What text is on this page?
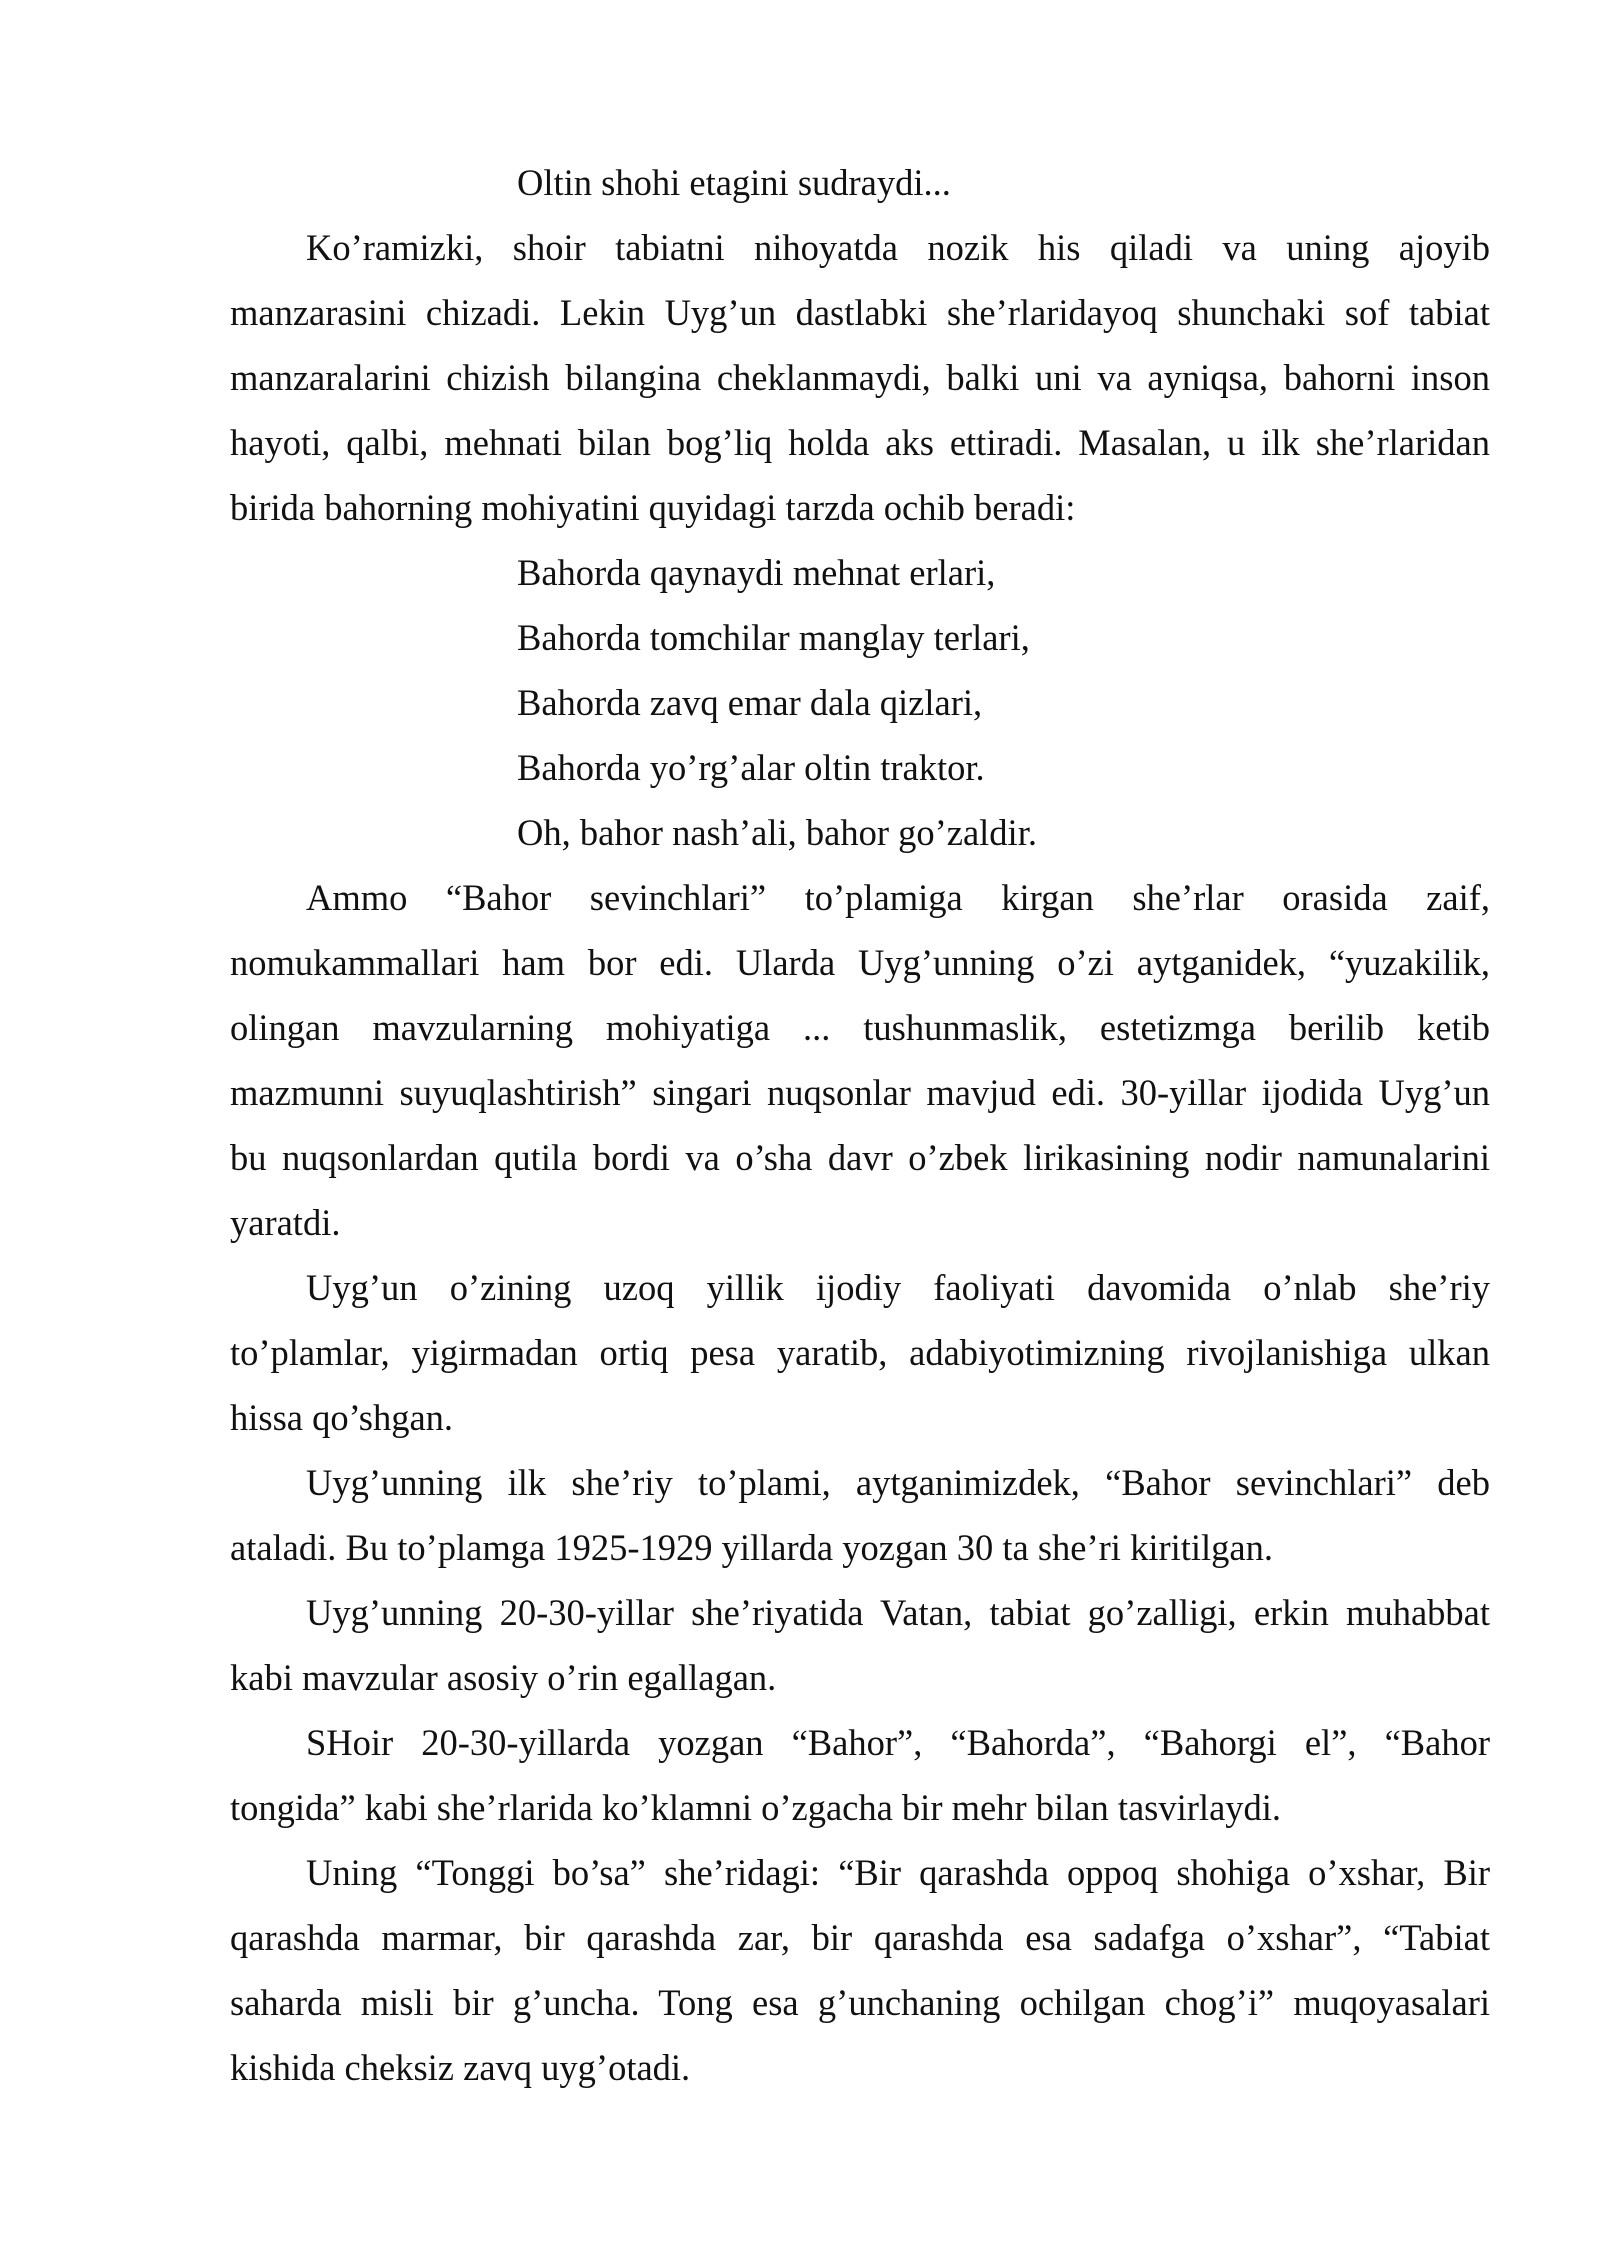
Oltin shohi etagini sudraydi...
Ko’ramizki, shoir tabiatni nihoyatda nozik his qiladi va uning ajoyib
manzarasini chizadi. Lekin Uyg’un dastlabki she’rlaridayoq shunchaki sof tabiat
manzaralarini chizish bilangina cheklanmaydi, balki uni va ayniqsa, bahorni inson
hayoti, qalbi, mehnati bilan bog’liq holda aks ettiradi. Masalan, u ilk she’rlaridan
birida bahorning mohiyatini quyidagi tarzda ochib beradi:
Bahorda qaynaydi mehnat erlari,
Bahorda tomchilar manglay terlari,
Bahorda zavq emar dala qizlari,
Bahorda yo’rg’alar oltin traktor.
Oh, bahor nash’ali, bahor go’zaldir.
Ammo “Bahor sevinchlari” to’plamiga kirgan she’rlar orasida zaif,
nomukammallari ham bor edi. Ularda Uyg’unning o’zi aytganidek, “yuzakilik,
olingan mavzularning mohiyatiga ... tushunmaslik, estetizmga berilib ketib
mazmunni suyuqlashtirish” singari nuqsonlar mavjud edi. 30-yillar ijodida Uyg’un
bu nuqsonlardan qutila bordi va o’sha davr o’zbek lirikasining nodir namunalarini
yaratdi.
Uyg’un o’zining uzoq yillik ijodiy faoliyati davomida o’nlab she’riy
to’plamlar, yigirmadan ortiq pesa yaratib, adabiyotimizning rivojlanishiga ulkan
hissa qo’shgan.
Uyg’unning ilk she’riy to’plami, aytganimizdek, “Bahor sevinchlari” deb
ataladi. Bu to’plamga 1925-1929 yillarda yozgan 30 ta she’ri kiritilgan.
Uyg’unning 20-30-yillar she’riyatida Vatan, tabiat go’zalligi, erkin muhabbat
kabi mavzular asosiy o’rin egallagan.
SHoir 20-30-yillarda yozgan “Bahor”, “Bahorda”, “Bahorgi el”, “Bahor
tongida” kabi she’rlarida ko’klamni o’zgacha bir mehr bilan tasvirlaydi.
Uning “Tonggi bo’sa” she’ridagi: “Bir qarashda oppoq shohiga o’xshar, Bir
qarashda marmar, bir qarashda zar, bir qarashda esa sadafga o’xshar”, “Tabiat
saharda misli bir g’uncha. Tong esa g’unchaning ochilgan chog’i” muqoyasalari
kishida cheksiz zavq uyg’otadi.
